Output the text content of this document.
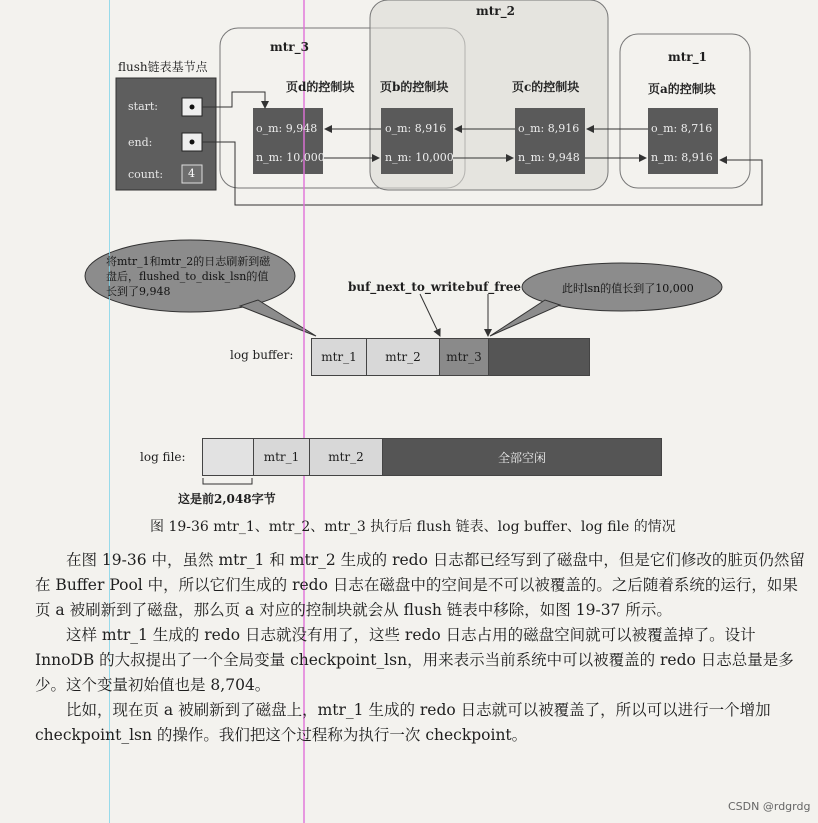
mtr_3
mtr_2
mtr_1
flush链表基节点
start:
end:
count: 4
页d的控制块 页b的控制块	页c的控制块	页a的控制块
o_m: 9,948
n_m: 10,000
o_m: 8,916
n_m: 10,000
o_m: 8,916
n_m: 9,948
o_m: 8,716
n_m: 8,916
将mtr_1和mtr_2的日志刷新到磁盘后，flushed_to_disk_lsn的值长到了9,948	此时lsn的值长到了10,000
buf_next_to_write buf_free
log buffer:	mtr_1	mtr_2	mtr_3
log file:	mtr_1	mtr_2	全部空闲
这是前2,048字节
图 19-36 mtr_1、mtr_2、mtr_3 执行后 flush 链表、log buffer、log file 的情况

在图 19-36 中，虽然 mtr_1 和 mtr_2 生成的 redo 日志都已经写到了磁盘中，但是它们修改的脏页仍然留在 Buffer Pool 中，所以它们生成的 redo 日志在磁盘中的空间是不可以被覆盖的。之后随着系统的运行，如果页 a 被刷新到了磁盘，那么页 a 对应的控制块就会从 flush 链表中移除，如图 19-37 所示。

这样 mtr_1 生成的 redo 日志就没有用了，这些 redo 日志占用的磁盘空间就可以被覆盖掉了。设计 InnoDB 的大叔提出了一个全局变量 checkpoint_lsn，用来表示当前系统中可以被覆盖的 redo 日志总量是多少。这个变量初始值也是 8,704。

比如，现在页 a 被刷新到了磁盘上，mtr_1 生成的 redo 日志就可以被覆盖了，所以可以进行一个增加 checkpoint_lsn 的操作。我们把这个过程称为执行一次 checkpoint。

CSDN @rdgrdg
